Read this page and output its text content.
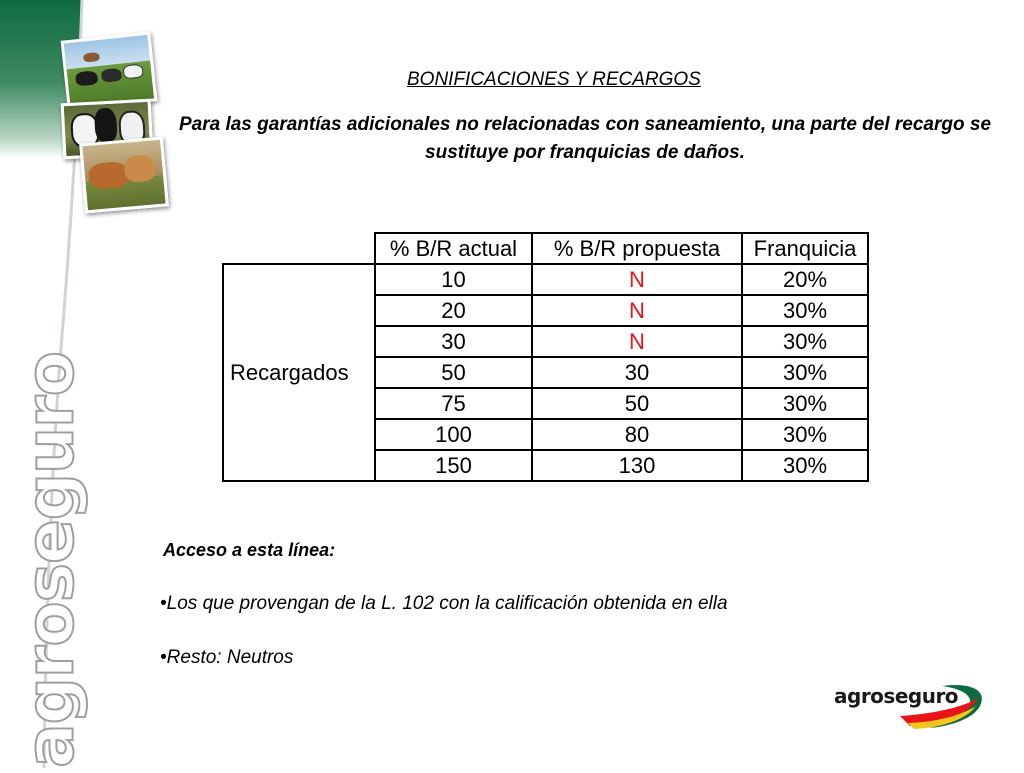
agroseguro
BONIFICACIONES Y RECARGOS
Para las garantías adicionales no relacionadas con saneamiento, una parte del recargo se sustituye por franquicias de daños.
	% B/R actual	% B/R propuesta	Franquicia
Recargados	10	N	20%
	20	N	30%
	30	N	30%
	50	30	30%
	75	50	30%
	100	80	30%
	150	130	30%
Acceso a esta línea:
•Los que provengan de la L. 102 con la calificación obtenida en ella
•Resto: Neutros
agroseguro
